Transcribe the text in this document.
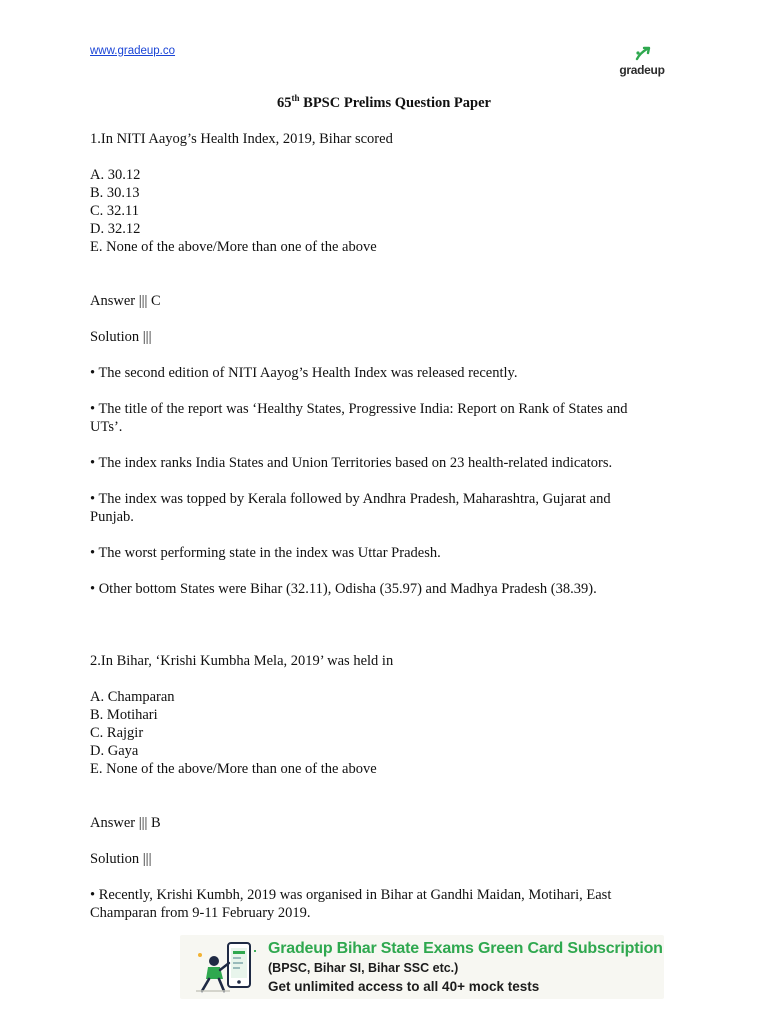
www.gradeup.co
gradeup
65th BPSC Prelims Question Paper

1.In NITI Aayog’s Health Index, 2019, Bihar scored

A. 30.12
B. 30.13
C. 32.11
D. 32.12
E. None of the above/More than one of the above

Answer ||| C

Solution |||

• The second edition of NITI Aayog’s Health Index was released recently.

• The title of the report was ‘Healthy States, Progressive India: Report on Rank of States and UTs’.

• The index ranks India States and Union Territories based on 23 health-related indicators.

• The index was topped by Kerala followed by Andhra Pradesh, Maharashtra, Gujarat and Punjab.

• The worst performing state in the index was Uttar Pradesh.

• Other bottom States were Bihar (32.11), Odisha (35.97) and Madhya Pradesh (38.39).

2.In Bihar, ‘Krishi Kumbha Mela, 2019’ was held in

A. Champaran
B. Motihari
C. Rajgir
D. Gaya
E. None of the above/More than one of the above

Answer ||| B

Solution |||

• Recently, Krishi Kumbh, 2019 was organised in Bihar at Gandhi Maidan, Motihari, East Champaran from 9-11 February 2019.

Gradeup Bihar State Exams Green Card Subscription
(BPSC, Bihar SI, Bihar SSC etc.)
Get unlimited access to all 40+ mock tests
